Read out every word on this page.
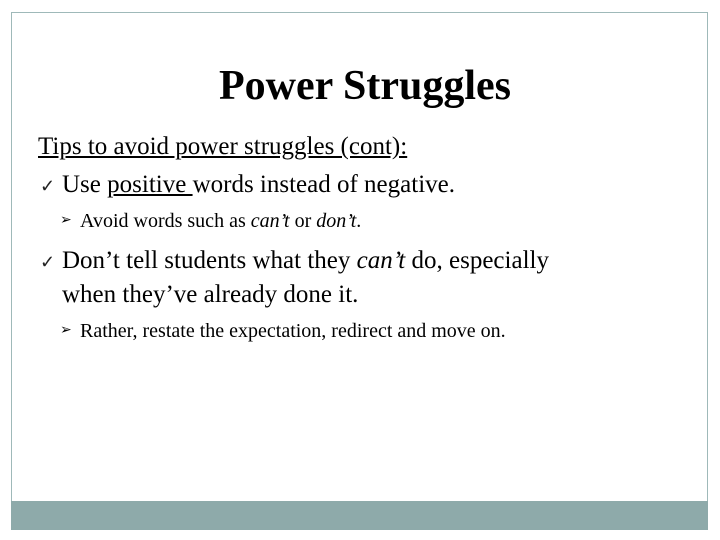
Power Struggles
Tips to avoid power struggles (cont):
✓ Use positive words instead of negative.
➢ Avoid words such as can’t or don’t.
✓ Don’t tell students what they can’t do, especially
when they’ve already done it.
➢ Rather, restate the expectation, redirect and move on.
